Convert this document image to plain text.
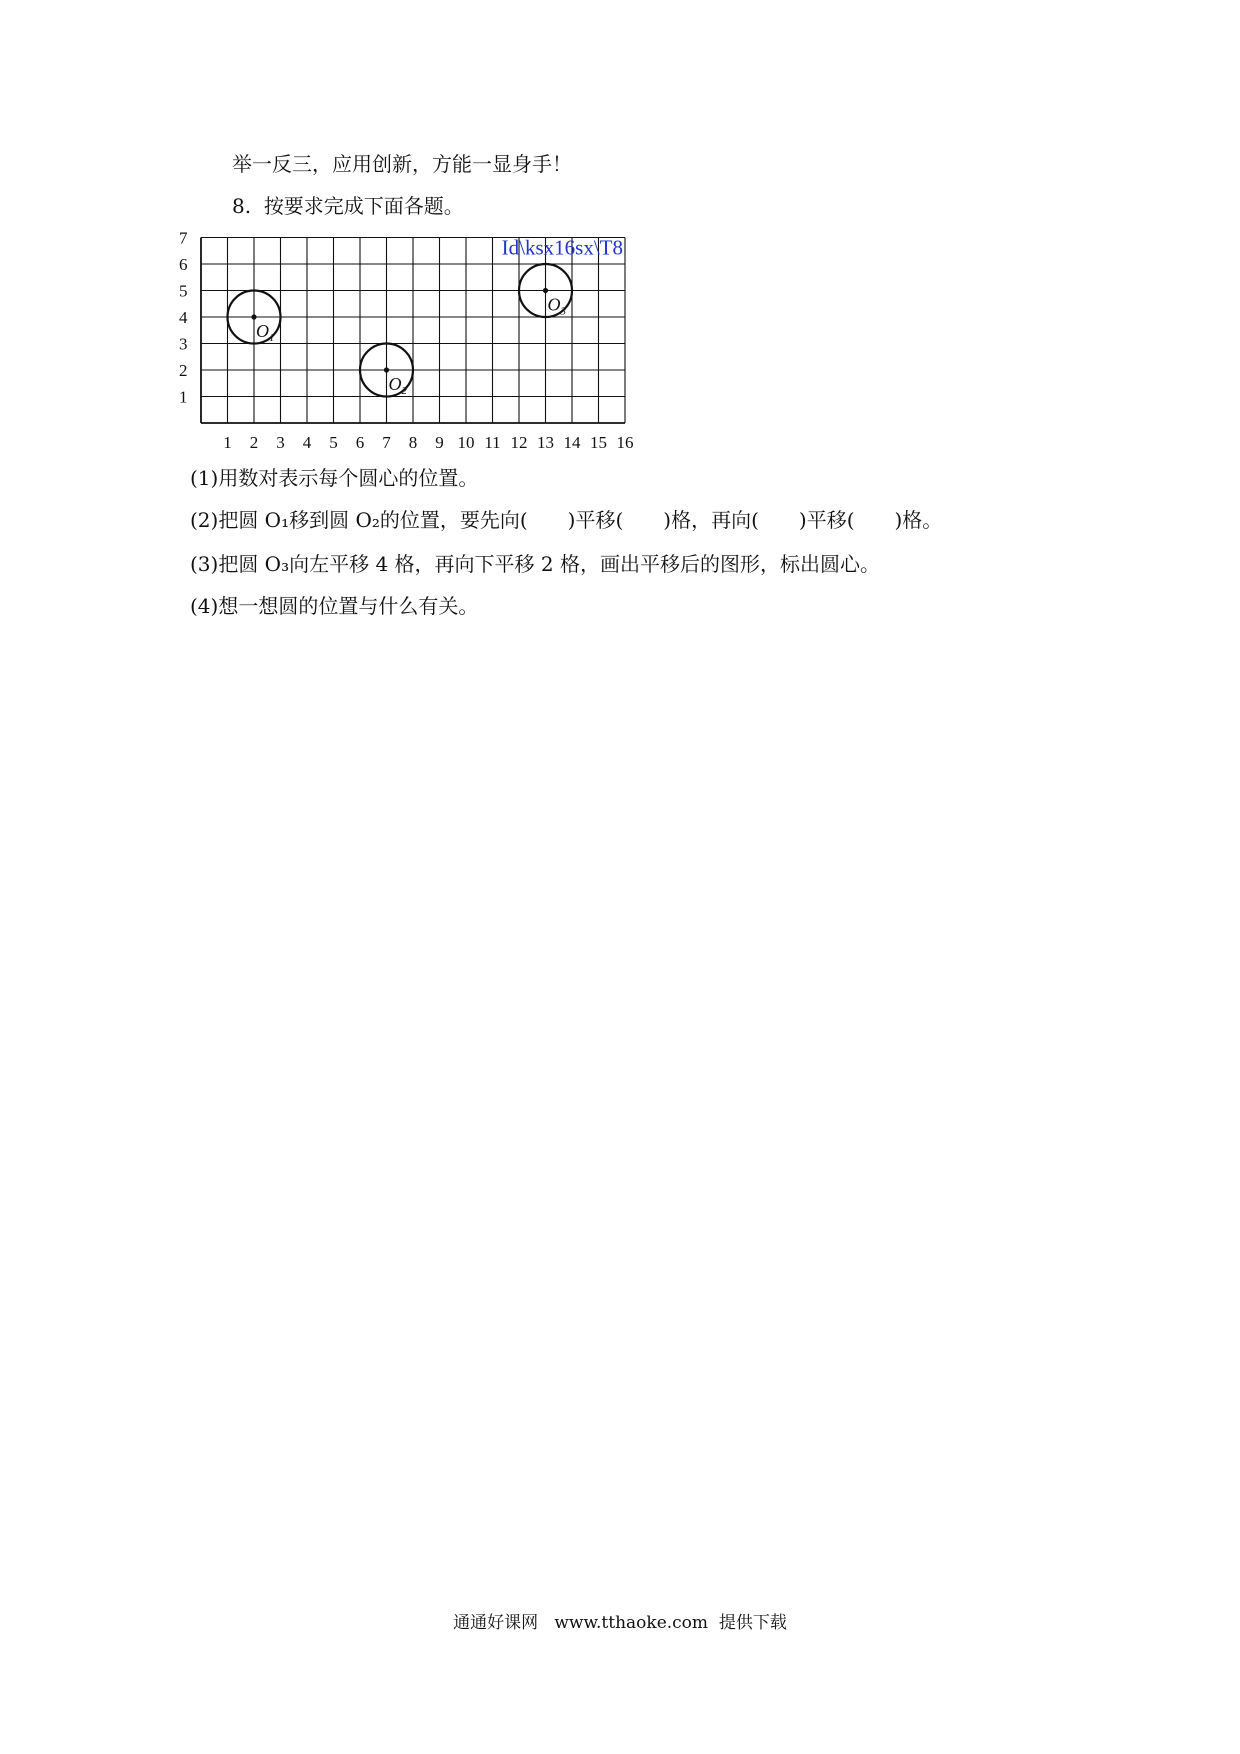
举一反三，应用创新，方能一显身手！
8. 按要求完成下面各题。
1 2 3 4 5 6 7 8 9 10 11 12 13 14 15 16
1
2
3
4
5
6
7	Id\ksx16sx\T8
$O_1$
$O_2$
$O_3$
(1)用数对表示每个圆心的位置。
(2)把圆 O₁移到圆 O₂的位置，要先向(　　)平移(　　)格，再向(　　)平移(　　)格。
(3)把圆 O₃向左平移 4 格，再向下平移 2 格，画出平移后的图形，标出圆心。
(4)想一想圆的位置与什么有关。
通通好课网   www.tthaoke.com  提供下载
